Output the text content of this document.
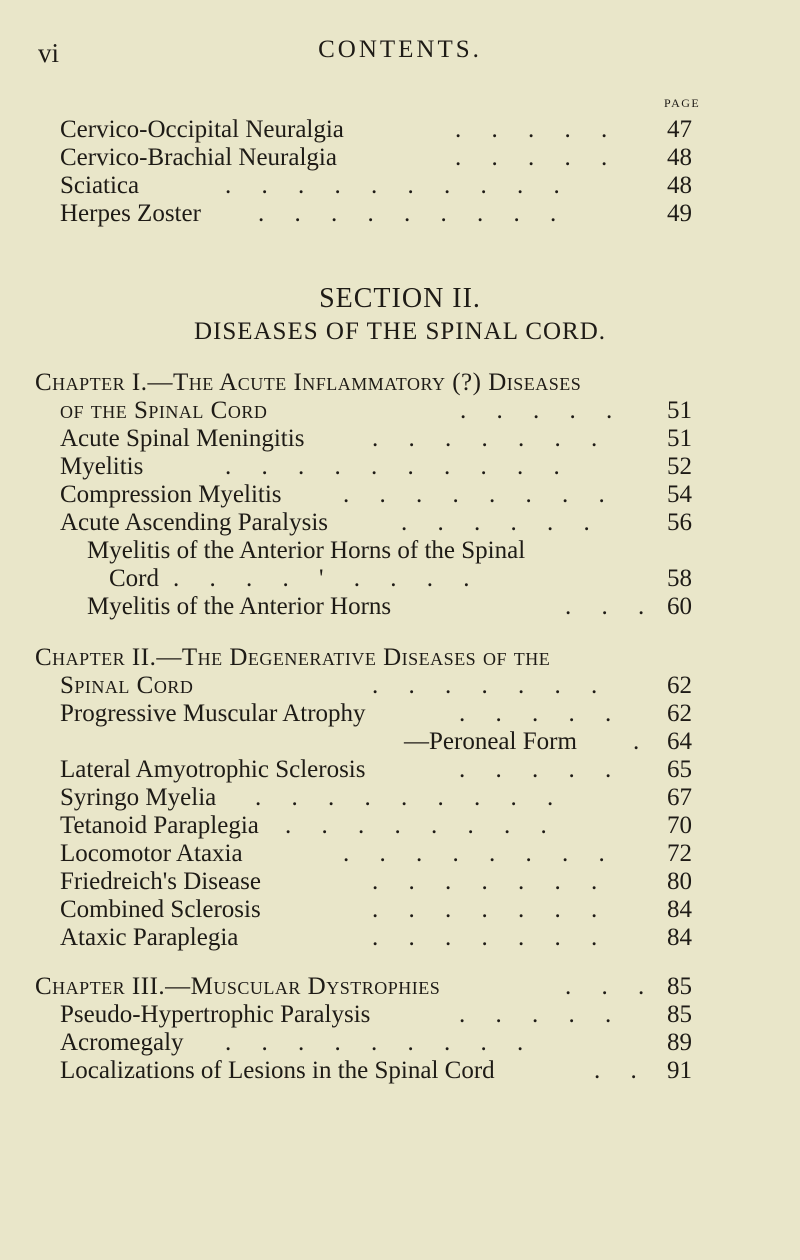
vi	CONTENTS.
PAGE
Cervico-Occipital Neuralgia	. . . . . 47
Cervico-Brachial Neuralgia	. . . . . 48
Sciatica	. . . . . . . . . .	48
Herpes Zoster . . . . . . . . .	49
SECTION II.
DISEASES OF THE SPINAL CORD.
Chapter I.—The Acute Inflammatory (?) Diseases
of the Spinal Cord	. . . . . 51
Acute Spinal Meningitis	. . . . . . . 51
Myelitis	. . . . . . . . . .	52
Compression Myelitis . . . . . . . . 54
Acute Ascending Paralysis	. . . . . .	56
Myelitis of the Anterior Horns of the Spinal
Cord . . . . ' . . . .	58
Myelitis of the Anterior Horns	. . . 60
Chapter II.—The Degenerative Diseases of the
Spinal Cord	. . . . . . . 62
Progressive Muscular Atrophy	. . . . . 62
—Peroneal Form . 64
Lateral Amyotrophic Sclerosis	. . . . . 65
Syringo Myelia . . . . . . . . .	67
Tetanoid Paraplegia . . . . . . . .	70
Locomotor Ataxia	. . . . . . . . 72
Friedreich's Disease	. . . . . . . 80
Combined Sclerosis	. . . . . . . 84
Ataxic Paraplegia	. . . . . . . 84
Chapter III.—Muscular Dystrophies	. . . 85
Pseudo-Hypertrophic Paralysis	. . . . . 85
Acromegaly . . . . . . . . .	89
Localizations of Lesions in the Spinal Cord	. . 91
